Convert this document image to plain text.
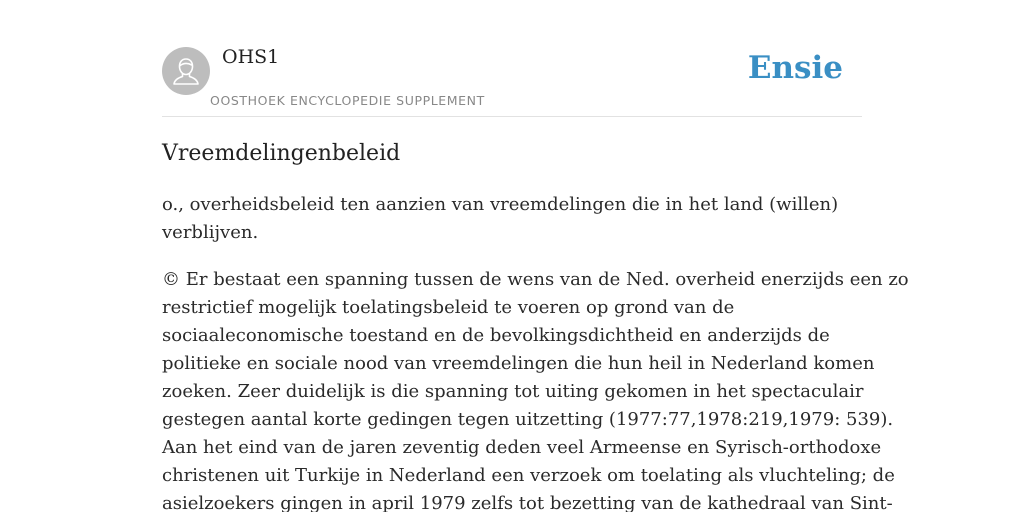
OHS1
OOSTHOEK ENCYCLOPEDIE SUPPLEMENT
Ensie
Vreemdelingenbeleid

o., overheidsbeleid ten aanzien van vreemdelingen die in het land (willen)
verblijven.

© Er bestaat een spanning tussen de wens van de Ned. overheid enerzijds een zo
restrictief mogelijk toelatingsbeleid te voeren op grond van de
sociaaleconomische toestand en de bevolkingsdichtheid en anderzijds de
politieke en sociale nood van vreemdelingen die hun heil in Nederland komen
zoeken. Zeer duidelijk is die spanning tot uiting gekomen in het spectaculair
gestegen aantal korte gedingen tegen uitzetting (1977:77,1978:219,1979: 539).
Aan het eind van de jaren zeventig deden veel Armeense en Syrisch-orthodoxe
christenen uit Turkije in Nederland een verzoek om toelating als vluchteling; de
asielzoekers gingen in april 1979 zelfs tot bezetting van de kathedraal van Sint-
